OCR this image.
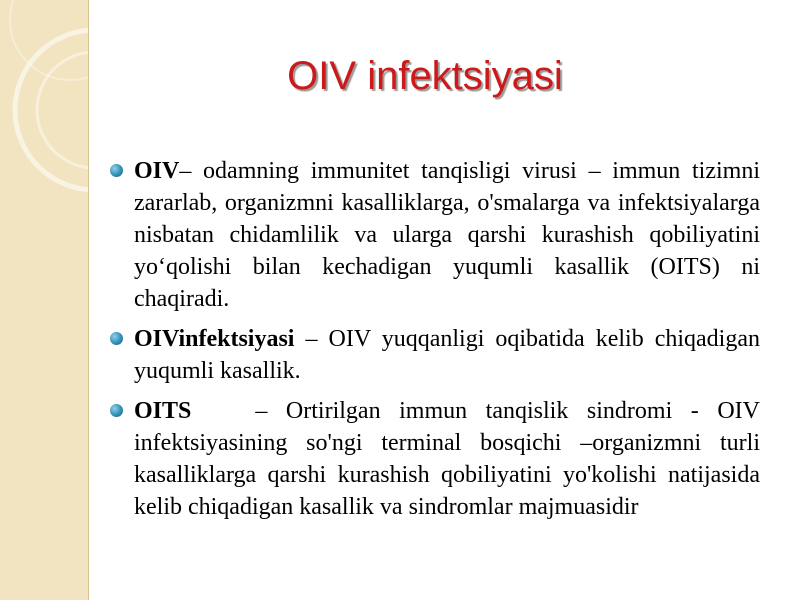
OIV infektsiyasi
OIV– odamning immunitet tanqisligi virusi – immun tizimni zararlab, organizmni kasalliklarga, o'smalarga va infektsiyalarga nisbatan chidamlilik va ularga qarshi kurashish qobiliyatini yo‘qolishi bilan kechadigan yuqumli kasallik (OITS) ni chaqiradi.
OIVinfektsiyasi – OIV yuqqanligi oqibatida kelib chiqadigan yuqumli kasallik.
OITS	– Ortirilgan immun tanqislik sindromi - OIV infektsiyasining so'ngi terminal bosqichi –organizmni turli kasalliklarga qarshi kurashish qobiliyatini yo'kolishi natijasida kelib chiqadigan kasallik va sindromlar majmuasidir
